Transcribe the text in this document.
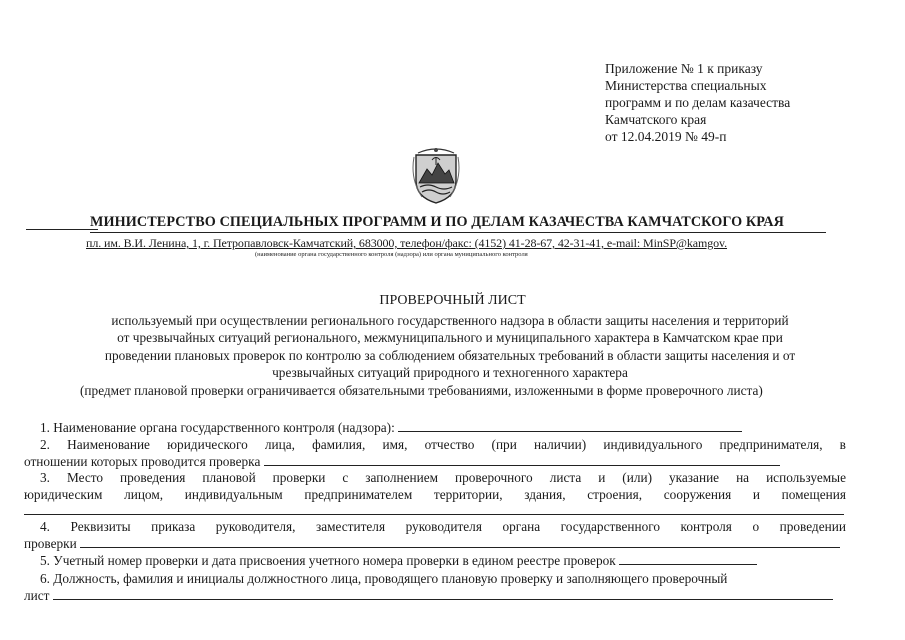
Приложение № 1 к приказу
Министерства специальных
программ и по делам казачества
Камчатского края
от 12.04.2019 № 49-п
МИНИСТЕРСТВО СПЕЦИАЛЬНЫХ ПРОГРАММ И ПО ДЕЛАМ КАЗАЧЕСТВА КАМЧАТСКОГО КРАЯ
пл. им. В.И. Ленина, 1, г. Петропавловск-Камчатский, 683000, телефон/факс: (4152) 41-28-67, 42-31-41, e-mail: MinSP@kamgov.
(наименование органа государственного контроля (надзора) или органа муниципального контроля
ПРОВЕРОЧНЫЙ ЛИСТ
используемый при осуществлении регионального государственного надзора в области защиты населения и территорий
от чрезвычайных ситуаций регионального, межмуниципального и муниципального характера в Камчатском крае при
проведении плановых проверок по контролю за соблюдением обязательных требований в области защиты населения и от
чрезвычайных ситуаций природного и техногенного характера
(предмет плановой проверки ограничивается обязательными требованиями, изложенными в форме проверочного листа)
1. Наименование органа государственного контроля (надзора):
2. Наименование юридического лица, фамилия, имя, отчество (при наличии) индивидуального предпринимателя, в
отношении которых проводится проверка
3. Место проведения плановой проверки с заполнением проверочного листа и (или) указание на используемые
юридическим лицом, индивидуальным предпринимателем территории, здания, строения, сооружения и помещения
4. Реквизиты приказа руководителя, заместителя руководителя органа государственного контроля о проведении
проверки
5. Учетный номер проверки и дата присвоения учетного номера проверки в едином реестре проверок
6. Должность, фамилия и инициалы должностного лица, проводящего плановую проверку и заполняющего проверочный
лист
